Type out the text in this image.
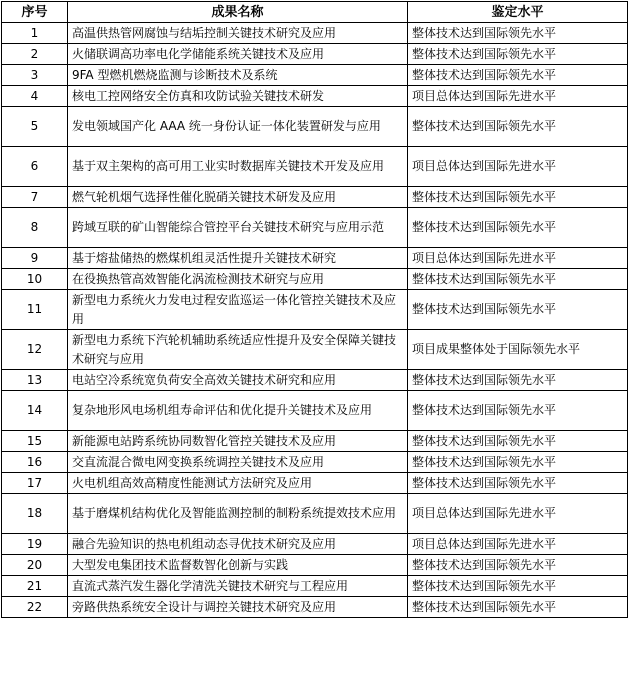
序号	成果名称	鉴定水平
1	高温供热管网腐蚀与结垢控制关键技术研究及应用	整体技术达到国际领先水平
2	火储联调高功率电化学储能系统关键技术及应用	整体技术达到国际领先水平
3	9FA 型燃机燃烧监测与诊断技术及系统	整体技术达到国际领先水平
4	核电工控网络安全仿真和攻防试验关键技术研发	项目总体达到国际先进水平
5	发电领域国产化 AAA 统一身份认证一体化装置研发与应用	整体技术达到国际领先水平
6	基于双主架构的高可用工业实时数据库关键技术开发及应用	项目总体达到国际先进水平
7	燃气轮机烟气选择性催化脱硝关键技术研发及应用	整体技术达到国际领先水平
8	跨域互联的矿山智能综合管控平台关键技术研究与应用示范	整体技术达到国际领先水平
9	基于熔盐储热的燃煤机组灵活性提升关键技术研究	项目总体达到国际先进水平
10	在役换热管高效智能化涡流检测技术研究与应用	整体技术达到国际领先水平
11	新型电力系统火力发电过程安监巡运一体化管控关键技术及应用	整体技术达到国际领先水平
12	新型电力系统下汽轮机辅助系统适应性提升及安全保障关键技术研究与应用	项目成果整体处于国际领先水平
13	电站空冷系统宽负荷安全高效关键技术研究和应用	整体技术达到国际领先水平
14	复杂地形风电场机组寿命评估和优化提升关键技术及应用	整体技术达到国际领先水平
15	新能源电站跨系统协同数智化管控关键技术及应用	整体技术达到国际领先水平
16	交直流混合微电网变换系统调控关键技术及应用	整体技术达到国际领先水平
17	火电机组高效高精度性能测试方法研究及应用	整体技术达到国际领先水平
18	基于磨煤机结构优化及智能监测控制的制粉系统提效技术应用	项目总体达到国际先进水平
19	融合先验知识的热电机组动态寻优技术研究及应用	项目总体达到国际先进水平
20	大型发电集团技术监督数智化创新与实践	整体技术达到国际领先水平
21	直流式蒸汽发生器化学清洗关键技术研究与工程应用	整体技术达到国际领先水平
22	旁路供热系统安全设计与调控关键技术研究及应用	整体技术达到国际领先水平
